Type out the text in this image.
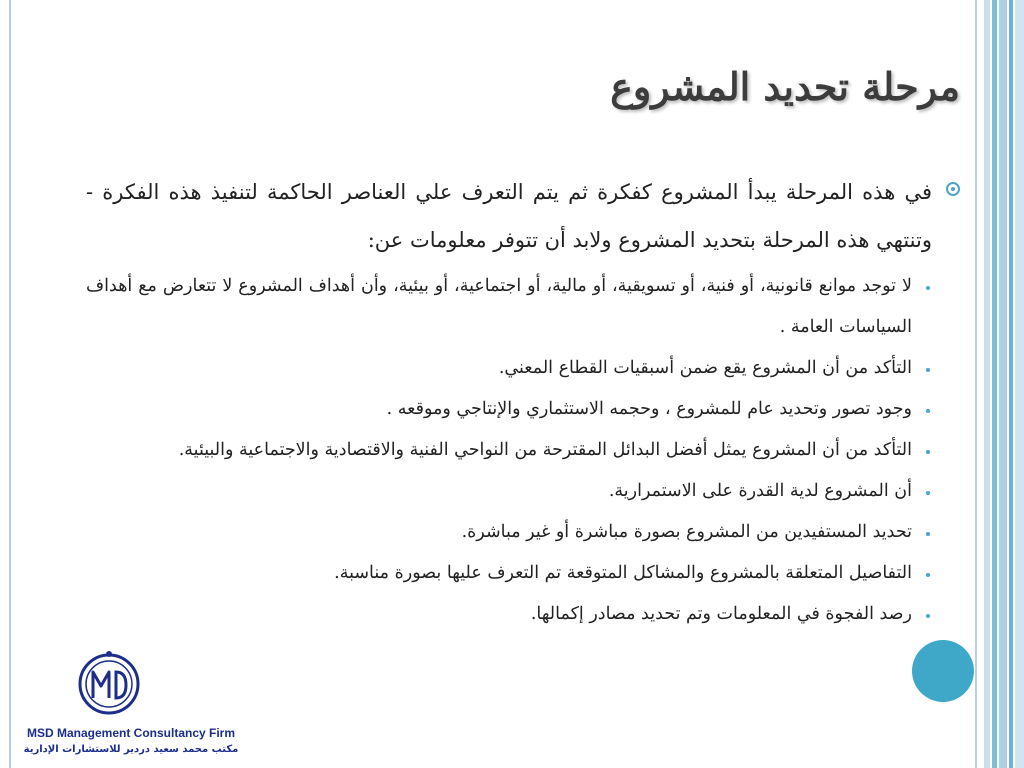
مرحلة تحديد المشروع

في هذه المرحلة يبدأ المشروع كفكرة ثم يتم التعرف علي العناصر الحاكمة لتنفيذ هذه الفكرة - وتنتهي هذه المرحلة بتحديد المشروع ولابد أن تتوفر معلومات عن:

لا توجد موانع قانونية، أو فنية، أو تسويقية، أو مالية، أو اجتماعية، أو بيئية، وأن أهداف المشروع لا تتعارض مع أهداف السياسات العامة .
التأكد من أن المشروع يقع ضمن أسبقيات القطاع المعني.
وجود تصور وتحديد عام للمشروع ، وحجمه الاستثماري والإنتاجي وموقعه .
التأكد من أن المشروع يمثل أفضل البدائل المقترحة من النواحي الفنية والاقتصادية والاجتماعية والبيئية.
أن المشروع لدية القدرة على الاستمرارية.
تحديد المستفيدين من المشروع بصورة مباشرة أو غير مباشرة.
التفاصيل المتعلقة بالمشروع والمشاكل المتوقعة تم التعرف عليها بصورة مناسبة.
رصد الفجوة في المعلومات وتم تحديد مصادر إكمالها.
MSD Management Consultancy Firm
مكتب محمد سعيد دردير للاستشارات الإدارية
